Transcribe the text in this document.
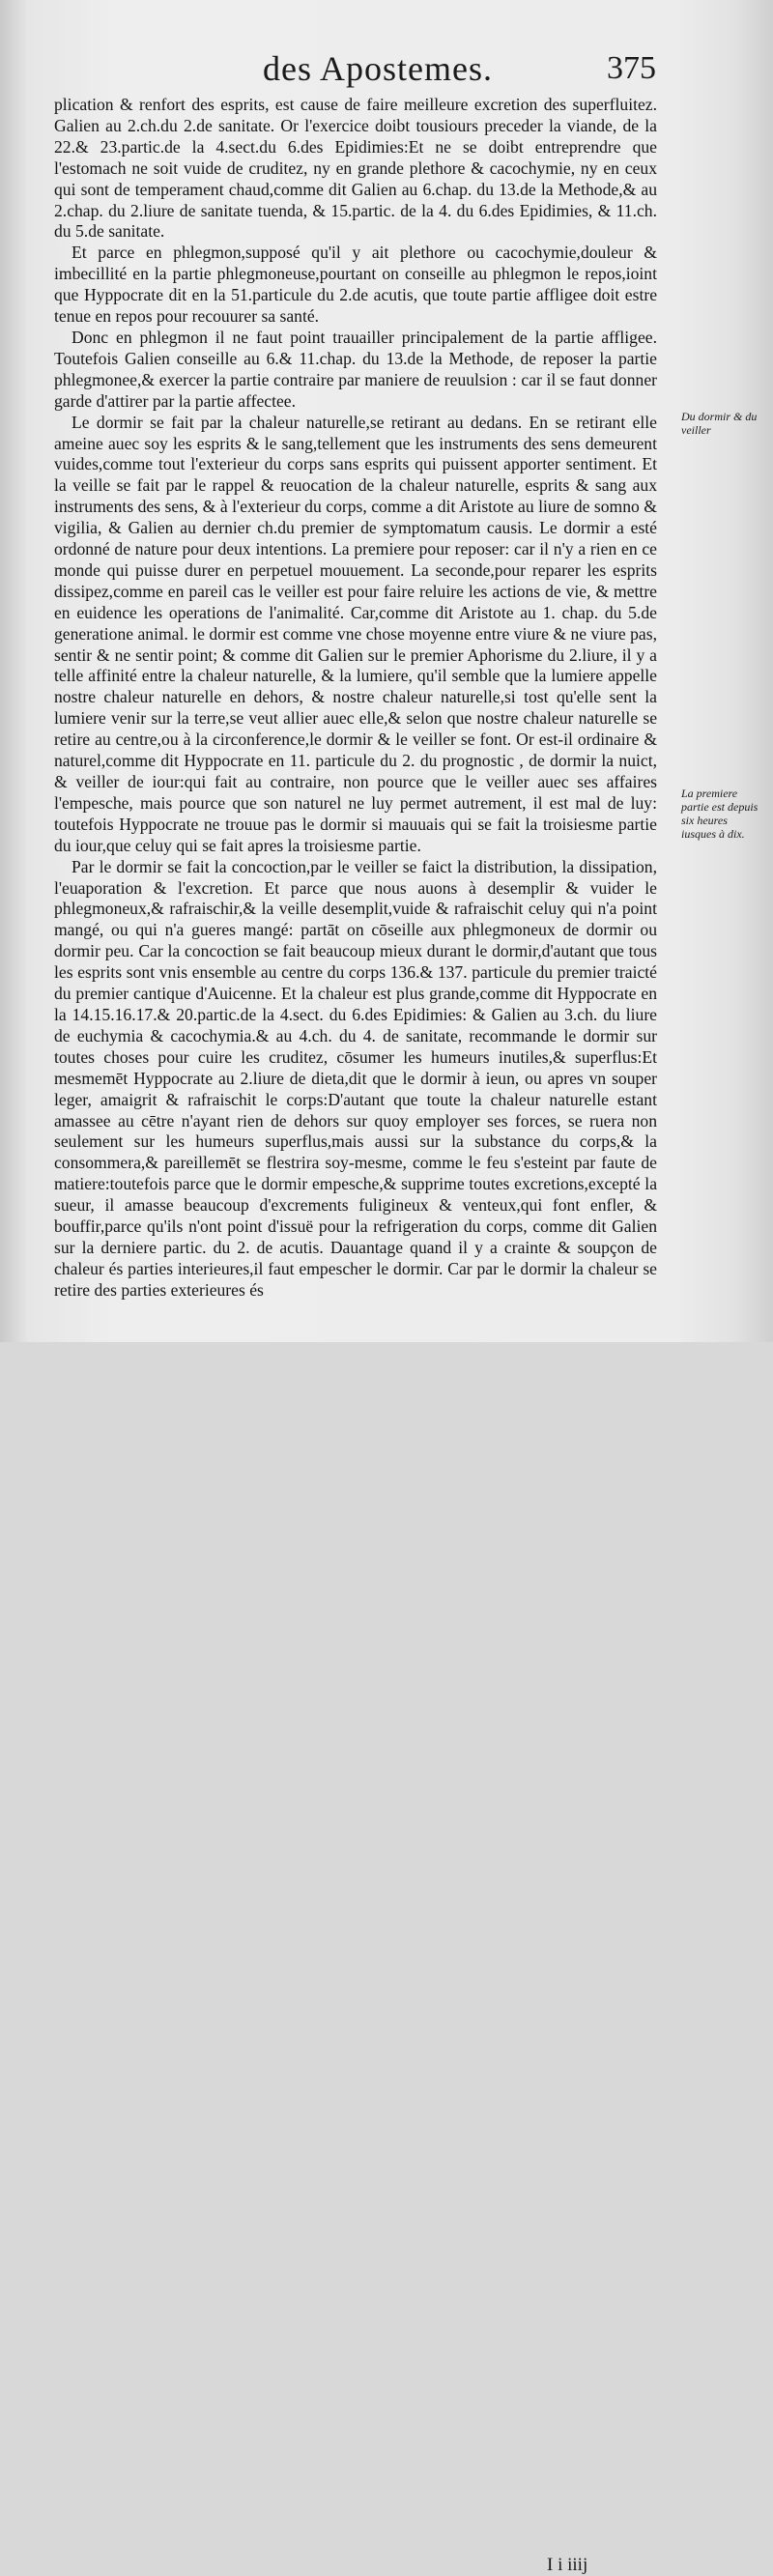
des Apostemes.	375

plication & renfort des esprits, est cause de faire meilleure excretion des superfluitez. Galien au 2.ch.du 2.de sanitate. Or l'exercice doibt tousiours preceder la viande, de la 22.& 23.partic.de la 4.sect.du 6.des Epidimies:Et ne se doibt entreprendre que l'estomach ne soit vuide de cruditez, ny en grande plethore & cacochymie, ny en ceux qui sont de temperament chaud,comme dit Galien au 6.chap. du 13.de la Methode,& au 2.chap. du 2.liure de sanitate tuenda, & 15.partic. de la 4. du 6.des Epidimies, & 11.ch. du 5.de sanitate.

Et parce en phlegmon,supposé qu'il y ait plethore ou cacochymie,douleur & imbecillité en la partie phlegmoneuse,pourtant on conseille au phlegmon le repos,ioint que Hyppocrate dit en la 51.particule du 2.de acutis, que toute partie affligee doit estre tenue en repos pour recouurer sa santé.

Donc en phlegmon il ne faut point trauailler principalement de la partie affligee. Toutefois Galien conseille au 6.& 11.chap. du 13.de la Methode, de reposer la partie phlegmonee,& exercer la partie contraire par maniere de reuulsion : car il se faut donner garde d'attirer par la partie affectee.

Le dormir se fait par la chaleur naturelle,se retirant au dedans. En se retirant elle ameine auec soy les esprits & le sang,tellement que les instruments des sens demeurent vuides,comme tout l'exterieur du corps sans esprits qui puissent apporter sentiment. Et la veille se fait par le rappel & reuocation de la chaleur naturelle, esprits & sang aux instruments des sens, & à l'exterieur du corps, comme a dit Aristote au liure de somno & vigilia, & Galien au dernier ch.du premier de symptomatum causis. Le dormir a esté ordonné de nature pour deux intentions. La premiere pour reposer: car il n'y a rien en ce monde qui puisse durer en perpetuel mouuement. La seconde,pour reparer les esprits dissipez,comme en pareil cas le veiller est pour faire reluire les actions de vie, & mettre en euidence les operations de l'animalité. Car,comme dit Aristote au 1. chap. du 5.de generatione animal. le dormir est comme vne chose moyenne entre viure & ne viure pas, sentir & ne sentir point; & comme dit Galien sur le premier Aphorisme du 2.liure, il y a telle affinité entre la chaleur naturelle, & la lumiere, qu'il semble que la lumiere appelle nostre chaleur naturelle en dehors, & nostre chaleur naturelle,si tost qu'elle sent la lumiere venir sur la terre,se veut allier auec elle,& selon que nostre chaleur naturelle se retire au centre,ou à la circonference,le dormir & le veiller se font. Or est-il ordinaire & naturel,comme dit Hyppocrate en 11. particule du 2. du prognostic , de dormir la nuict, & veiller de iour:qui fait au contraire, non pource que le veiller auec ses affaires l'empesche, mais pource que son naturel ne luy permet autrement, il est mal de luy: toutefois Hyppocrate ne trouue pas le dormir si mauuais qui se fait la troisiesme partie du iour,que celuy qui se fait apres la troisiesme partie.

Par le dormir se fait la concoction,par le veiller se faict la distribution, la dissipation, l'euaporation & l'excretion. Et parce que nous auons à desemplir & vuider le phlegmoneux,& rafraischir,& la veille desemplit,vuide & rafraischit celuy qui n'a point mangé, ou qui n'a gueres mangé: partāt on cōseille aux phlegmoneux de dormir ou dormir peu. Car la concoction se fait beaucoup mieux durant le dormir,d'autant que tous les esprits sont vnis ensemble au centre du corps 136.& 137. particule du premier traicté du premier cantique d'Auicenne. Et la chaleur est plus grande,comme dit Hyppocrate en la 14.15.16.17.& 20.partic.de la 4.sect. du 6.des Epidimies: & Galien au 3.ch. du liure de euchymia & cacochymia.& au 4.ch. du 4. de sanitate, recommande le dormir sur toutes choses pour cuire les cruditez, cōsumer les humeurs inutiles,& superflus:Et mesmemēt Hyppocrate au 2.liure de dieta,dit que le dormir à ieun, ou apres vn souper leger, amaigrit & rafraischit le corps:D'autant que toute la chaleur naturelle estant amassee au cētre n'ayant rien de dehors sur quoy employer ses forces, se ruera non seulement sur les humeurs superflus,mais aussi sur la substance du corps,& la consommera,& pareillemēt se flestrira soy-mesme, comme le feu s'esteint par faute de matiere:toutefois parce que le dormir empesche,& supprime toutes excretions,excepté la sueur, il amasse beaucoup d'excrements fuligineux & venteux,qui font enfler, & bouffir,parce qu'ils n'ont point d'issuë pour la refrigeration du corps, comme dit Galien sur la derniere partic. du 2. de acutis. Dauantage quand il y a crainte & soupçon de chaleur és parties interieures,il faut empescher le dormir. Car par le dormir la chaleur se retire des parties exterieures és

Du dormir & du veiller
La premiere partie est depuis six heures iusques à dix.
I i iiij
